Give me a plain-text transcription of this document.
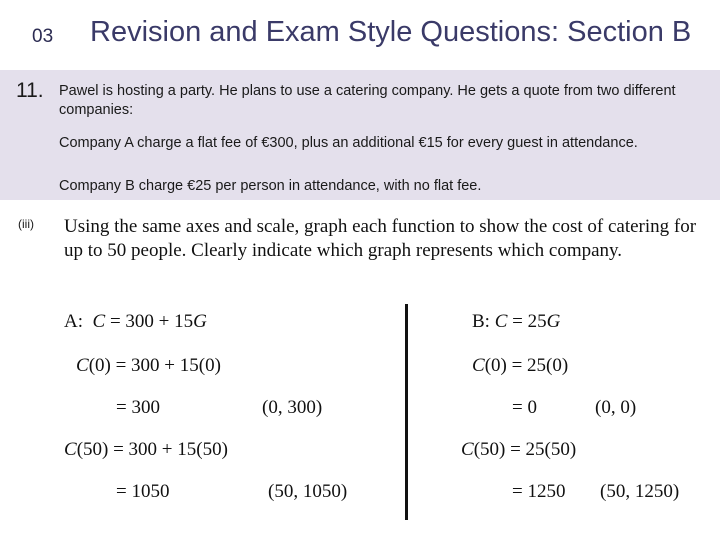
03 Revision and Exam Style Questions: Section B
11. Pawel is hosting a party. He plans to use a catering company. He gets a quote from two different companies:
Company A charge a flat fee of €300, plus an additional €15 for every guest in attendance.
Company B charge €25 per person in attendance, with no flat fee.
(iii) Using the same axes and scale, graph each function to show the cost of catering for up to 50 people. Clearly indicate which graph represents which company.
A: C = 300 + 15G
C(0) = 300 + 15(0)
= 300	(0, 300)
C(50) = 300 + 15(50)
= 1050	(50, 1050)
B: C = 25G
C(0) = 25(0)
= 0	(0, 0)
C(50) = 25(50)
= 1250 (50, 1250)
